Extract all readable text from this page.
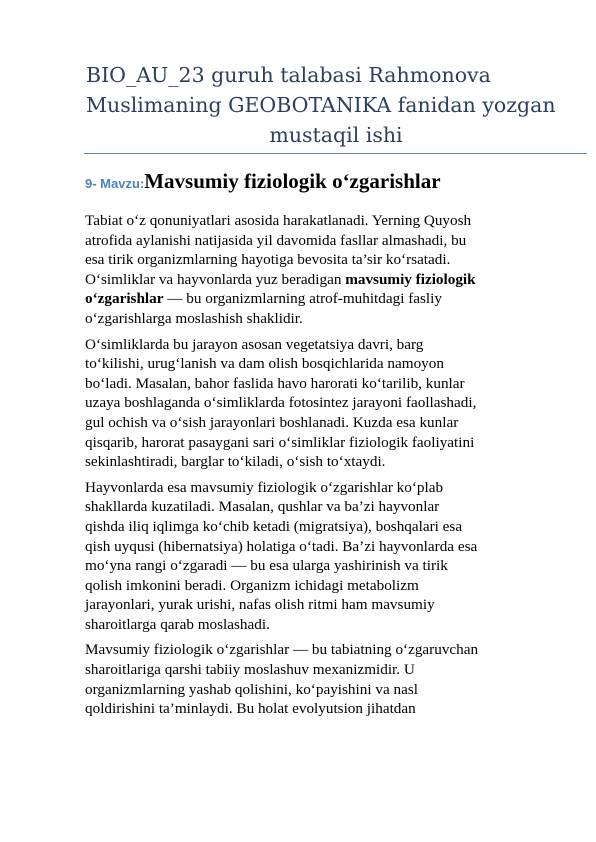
BIO_AU_23 guruh talabasi Rahmonova
Muslimaning GEOBOTANIKA fanidan yozgan
mustaqil ishi
9- Mavzu:Mavsumiy fiziologik o‘zgarishlar
Tabiat o‘z qonuniyatlari asosida harakatlanadi. Yerning Quyosh
atrofida aylanishi natijasida yil davomida fasllar almashadi, bu
esa tirik organizmlarning hayotiga bevosita ta’sir ko‘rsatadi.
O‘simliklar va hayvonlarda yuz beradigan mavsumiy fiziologik
o‘zgarishlar — bu organizmlarning atrof-muhitdagi fasliy
o‘zgarishlarga moslashish shaklidir.
O‘simliklarda bu jarayon asosan vegetatsiya davri, barg
to‘kilishi, urug‘lanish va dam olish bosqichlarida namoyon
bo‘ladi. Masalan, bahor faslida havo harorati ko‘tarilib, kunlar
uzaya boshlaganda o‘simliklarda fotosintez jarayoni faollashadi,
gul ochish va o‘sish jarayonlari boshlanadi. Kuzda esa kunlar
qisqarib, harorat pasaygani sari o‘simliklar fiziologik faoliyatini
sekinlashtiradi, barglar to‘kiladi, o‘sish to‘xtaydi.
Hayvonlarda esa mavsumiy fiziologik o‘zgarishlar ko‘plab
shakllarda kuzatiladi. Masalan, qushlar va ba’zi hayvonlar
qishda iliq iqlimga ko‘chib ketadi (migratsiya), boshqalari esa
qish uyqusi (hibernatsiya) holatiga o‘tadi. Ba’zi hayvonlarda esa
mo‘yna rangi o‘zgaradi — bu esa ularga yashirinish va tirik
qolish imkonini beradi. Organizm ichidagi metabolizm
jarayonlari, yurak urishi, nafas olish ritmi ham mavsumiy
sharoitlarga qarab moslashadi.
Mavsumiy fiziologik o‘zgarishlar — bu tabiatning o‘zgaruvchan
sharoitlariga qarshi tabiiy moslashuv mexanizmidir. U
organizmlarning yashab qolishini, ko‘payishini va nasl
qoldirishini ta’minlaydi. Bu holat evolyutsion jihatdan
